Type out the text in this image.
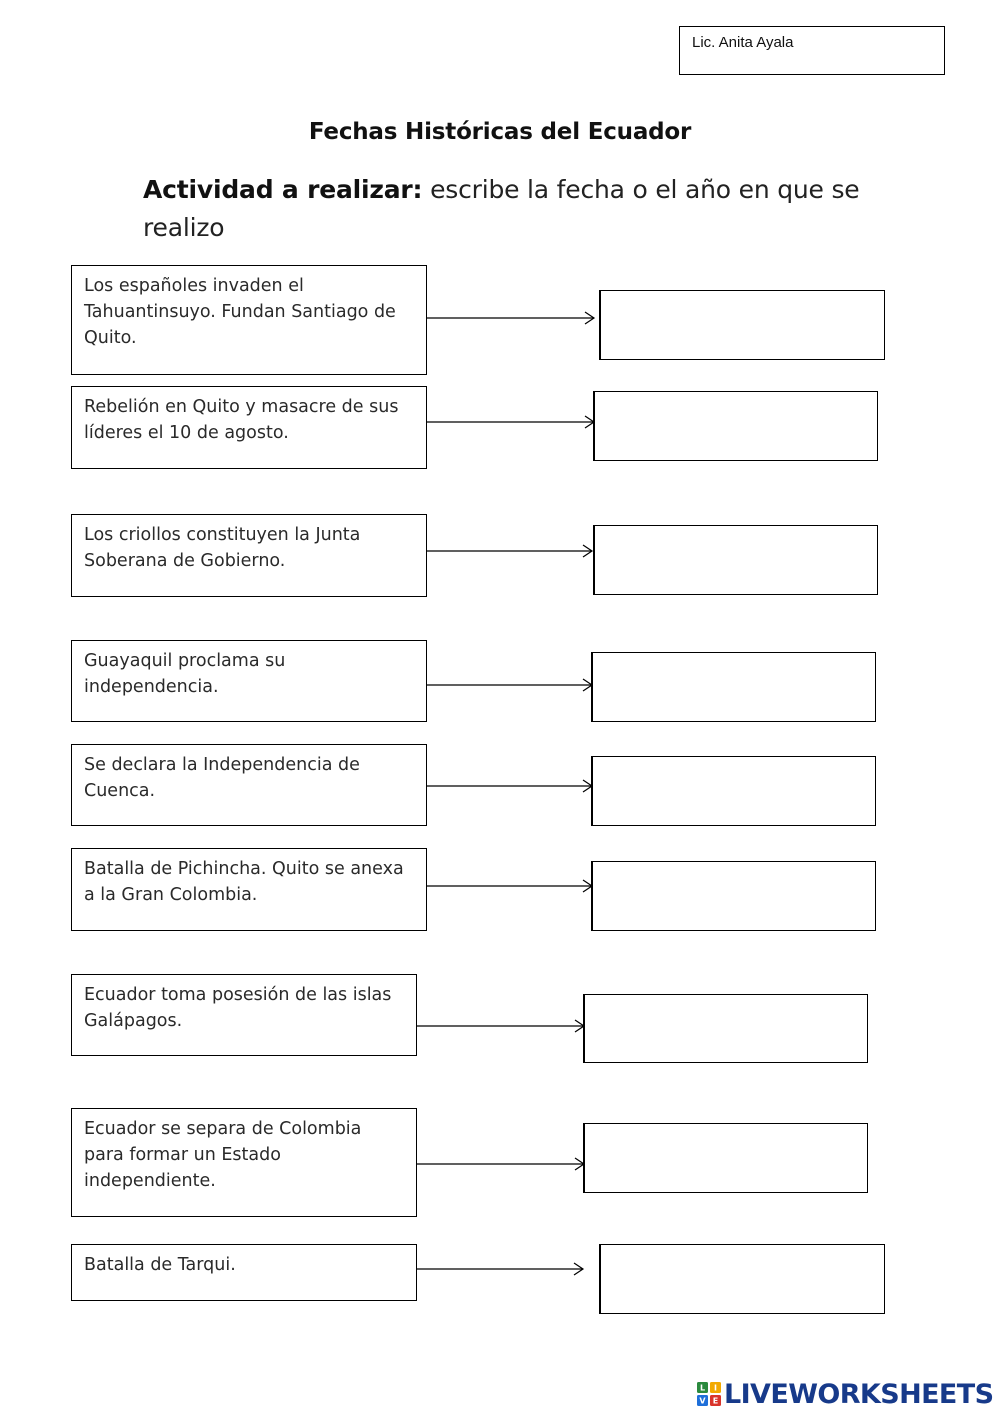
Lic. Anita Ayala
Fechas Históricas del Ecuador
Actividad a realizar: escribe la fecha o el año en que se realizo
Los españoles invaden el Tahuantinsuyo. Fundan Santiago de Quito.
Rebelión en Quito y masacre de sus líderes el 10 de agosto.
Los criollos constituyen la Junta Soberana de Gobierno.
Guayaquil proclama su independencia.
Se declara la Independencia de Cuenca.
Batalla de Pichincha. Quito se anexa a la Gran Colombia.
Ecuador toma posesión de las islas Galápagos.
Ecuador se separa de Colombia para formar un Estado independiente.
Batalla de Tarqui.
L I
V E LIVEWORKSHEETS
